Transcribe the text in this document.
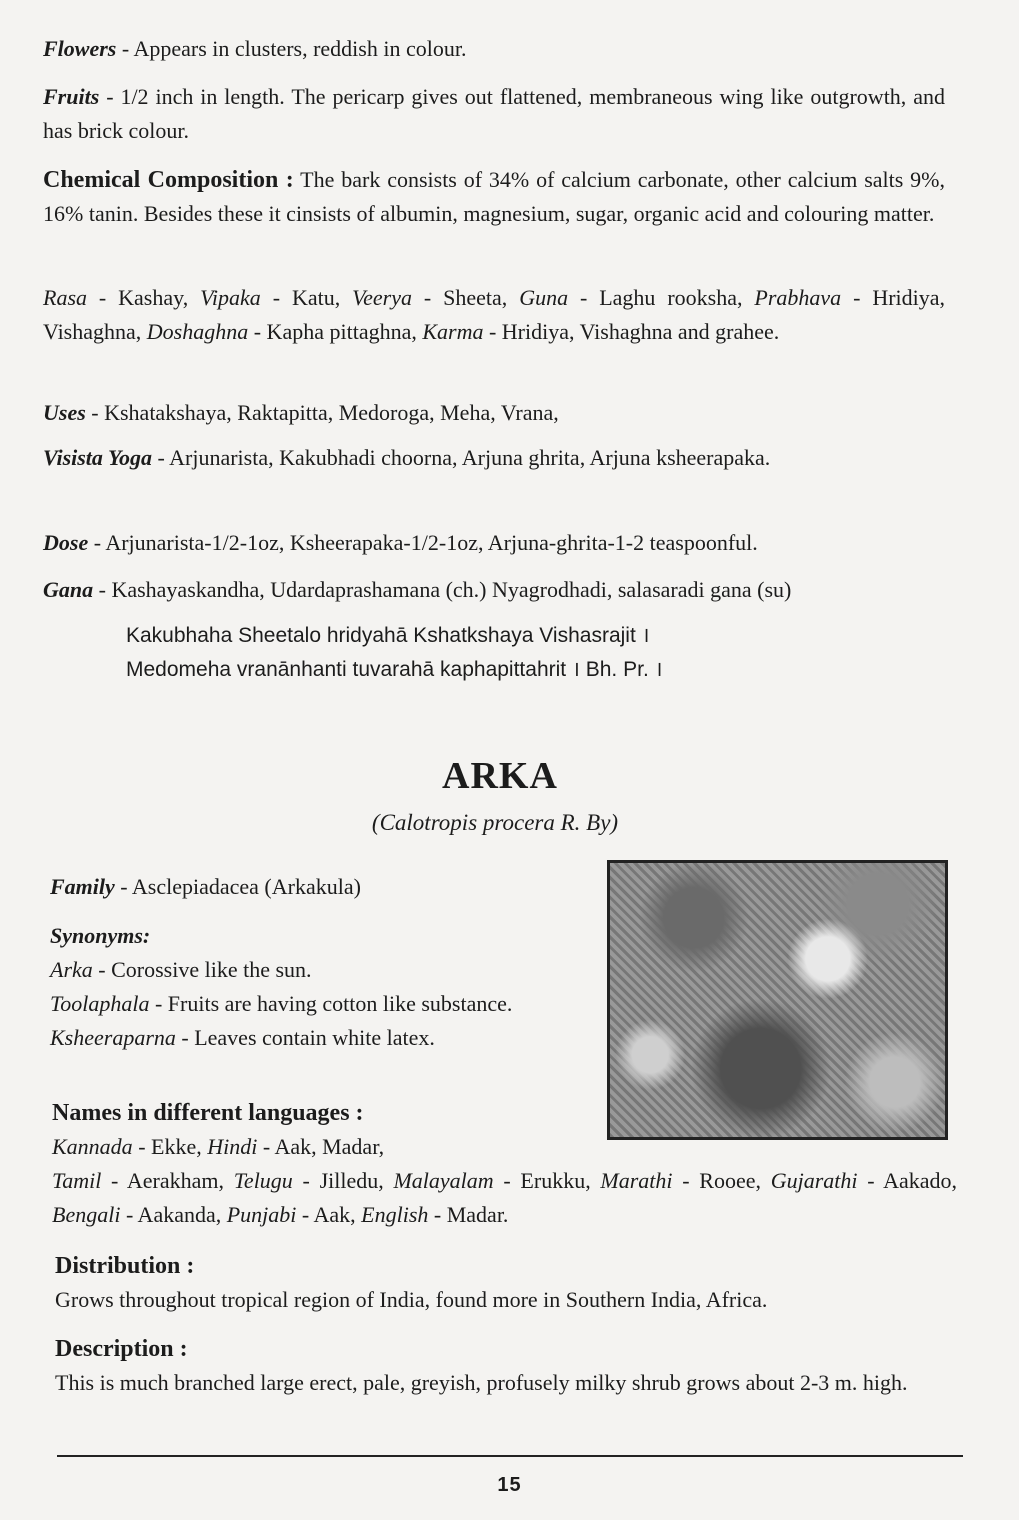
Flowers - Appears in clusters, reddish in colour.
Fruits - 1/2 inch in length. The pericarp gives out flattened, membraneous wing like outgrowth, and has brick colour.
Chemical Composition : The bark consists of 34% of calcium carbonate, other calcium salts 9%, 16% tanin. Besides these it cinsists of albumin, magnesium, sugar, organic acid and colouring matter.
Rasa - Kashay, Vipaka - Katu, Veerya - Sheeta, Guna - Laghu rooksha, Prabhava - Hridiya, Vishaghna, Doshaghna - Kapha pittaghna, Karma - Hridiya, Vishaghna and grahee.
Uses - Kshatakshaya, Raktapitta, Medoroga, Meha, Vrana,
Visista Yoga - Arjunarista, Kakubhadi choorna, Arjuna ghrita, Arjuna ksheerapaka.
Dose - Arjunarista-1/2-1oz, Ksheerapaka-1/2-1oz, Arjuna-ghrita-1-2 teaspoonful.
Gana - Kashayaskandha, Udardaprashamana (ch.) Nyagrodhadi, salasaradi gana (su)
Kakubhaha Sheetalo hridyahā Kshatkshaya Vishasrajit ।
Medomeha vranānhanti tuvarahā kaphapittahrit । Bh. Pr. ।
ARKA
(Calotropis procera R. By)
Family - Asclepiadacea (Arkakula)
Synonyms:
Arka - Corossive like the sun.
Toolaphala - Fruits are having cotton like substance.
Ksheeraparna - Leaves contain white latex.
Names in different languages :
Kannada - Ekke, Hindi - Aak, Madar,
Tamil - Aerakham, Telugu - Jilledu, Malayalam - Erukku, Marathi - Rooee, Gujarathi - Aakado, Bengali - Aakanda, Punjabi - Aak, English - Madar.
Distribution :
Grows throughout tropical region of India, found more in Southern India, Africa.
Description :
This is much branched large erect, pale, greyish, profusely milky shrub grows about 2-3 m. high.
15
